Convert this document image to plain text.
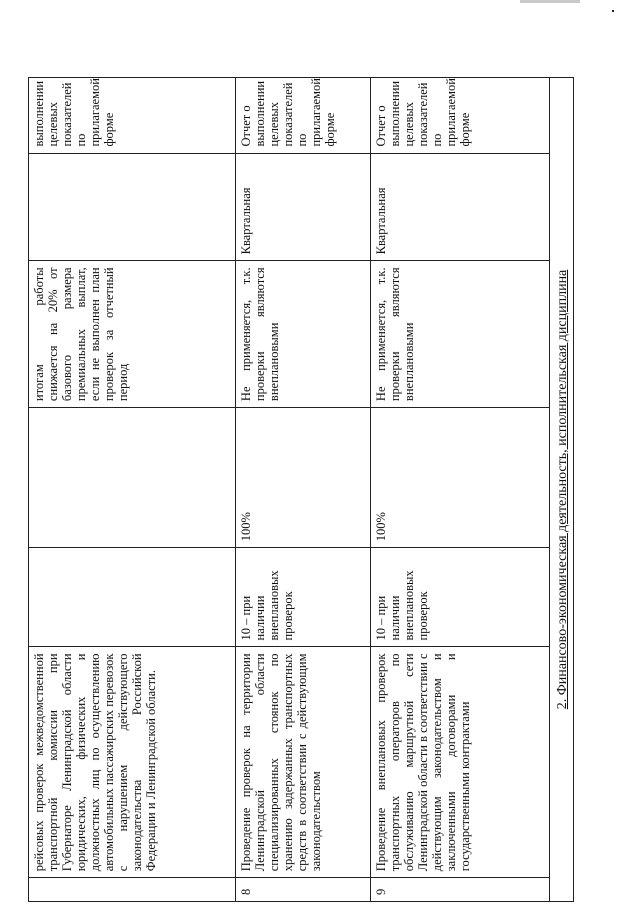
	рейсовых проверок межведомственной транспортной комиссии при Губернаторе Ленинградской области юридических, физических и должностных лиц по осуществлению автомобильных пассажирских перевозок с нарушением действующего законодательства Российской Федерации и Ленинградской области.			итогам работы снижается на 20% от базового размера премиальных выплат, если не выполнен план проверок за отчетный период		выполнении целевых показателей по прилагаемой форме
8	Проведение проверок на территории Ленинградской области специализированных стоянок по хранению задержанных транспортных средств в соответствии с действующим законодательством	10 – при наличии внеплановых проверок	100%	Не применяется, т.к. проверки являются внеплановыми	Квартальная	Отчет о выполнении целевых показателей по прилагаемой форме
9	Проведение внеплановых проверок транспортных операторов по обслуживанию маршрутной сети Ленинградской области в соответствии с действующим законодательством и заключенными договорами и государственными контрактами	10 – при наличии внеплановых проверок	100%	Не применяется, т.к. проверки являются внеплановыми	Квартальная	Отчет о выполнении целевых показателей по прилагаемой форме
2. Финансово-экономическая деятельность, исполнительская дисциплина						
